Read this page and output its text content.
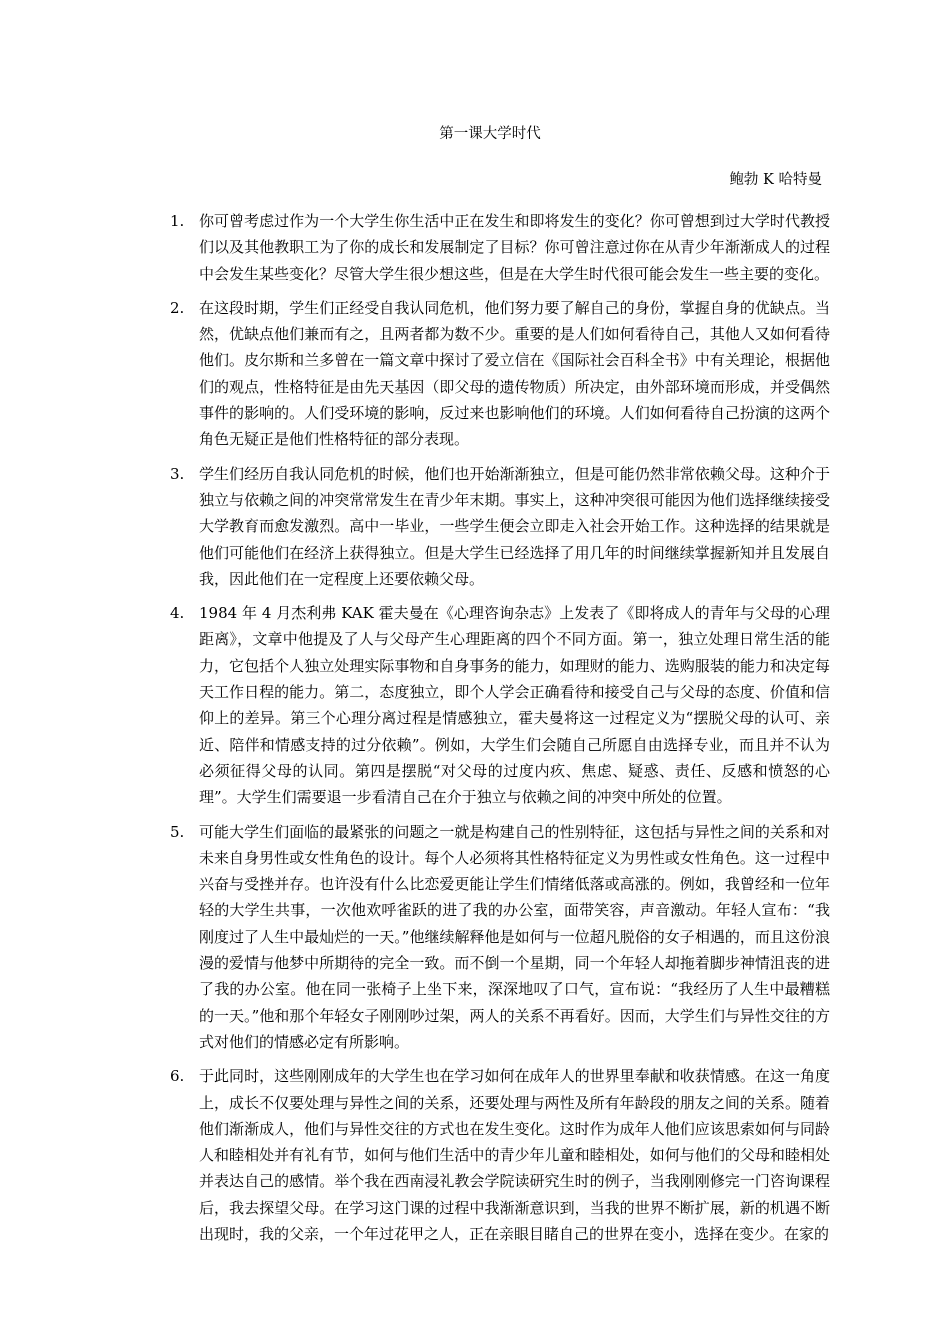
第一课大学时代
鲍勃 K 哈特曼
1. 你可曾考虑过作为一个大学生你生活中正在发生和即将发生的变化？你可曾想到过大学时代教授们以及其他教职工为了你的成长和发展制定了目标？你可曾注意过你在从青少年渐渐成人的过程中会发生某些变化？尽管大学生很少想这些，但是在大学生时代很可能会发生一些主要的变化。
2. 在这段时期，学生们正经受自我认同危机，他们努力要了解自己的身份，掌握自身的优缺点。当然，优缺点他们兼而有之，且两者都为数不少。重要的是人们如何看待自己，其他人又如何看待他们。皮尔斯和兰多曾在一篇文章中探讨了爱立信在《国际社会百科全书》中有关理论，根据他们的观点，性格特征是由先天基因（即父母的遗传物质）所决定，由外部环境而形成，并受偶然事件的影响的。人们受环境的影响，反过来也影响他们的环境。人们如何看待自己扮演的这两个角色无疑正是他们性格特征的部分表现。
3. 学生们经历自我认同危机的时候，他们也开始渐渐独立，但是可能仍然非常依赖父母。这种介于独立与依赖之间的冲突常常发生在青少年末期。事实上，这种冲突很可能因为他们选择继续接受大学教育而愈发激烈。高中一毕业，一些学生便会立即走入社会开始工作。这种选择的结果就是他们可能他们在经济上获得独立。但是大学生已经选择了用几年的时间继续掌握新知并且发展自我，因此他们在一定程度上还要依赖父母。
4. 1984 年 4 月杰利弗 KAK 霍夫曼在《心理咨询杂志》上发表了《即将成人的青年与父母的心理距离》，文章中他提及了人与父母产生心理距离的四个不同方面。第一，独立处理日常生活的能力，它包括个人独立处理实际事物和自身事务的能力，如理财的能力、选购服装的能力和决定每天工作日程的能力。第二，态度独立，即个人学会正确看待和接受自己与父母的态度、价值和信仰上的差异。第三个心理分离过程是情感独立，霍夫曼将这一过程定义为“摆脱父母的认可、亲近、陪伴和情感支持的过分依赖”。例如，大学生们会随自己所愿自由选择专业，而且并不认为必须征得父母的认同。第四是摆脱“对父母的过度内疚、焦虑、疑惑、责任、反感和愤怒的心理”。大学生们需要退一步看清自己在介于独立与依赖之间的冲突中所处的位置。
5. 可能大学生们面临的最紧张的问题之一就是构建自己的性别特征，这包括与异性之间的关系和对未来自身男性或女性角色的设计。每个人必须将其性格特征定义为男性或女性角色。这一过程中兴奋与受挫并存。也许没有什么比恋爱更能让学生们情绪低落或高涨的。例如，我曾经和一位年轻的大学生共事，一次他欢呼雀跃的进了我的办公室，面带笑容，声音激动。年轻人宣布：“我刚度过了人生中最灿烂的一天。”他继续解释他是如何与一位超凡脱俗的女子相遇的，而且这份浪漫的爱情与他梦中所期待的完全一致。而不倒一个星期，同一个年轻人却拖着脚步神情沮丧的进了我的办公室。他在同一张椅子上坐下来，深深地叹了口气，宣布说：“我经历了人生中最糟糕的一天。”他和那个年轻女子刚刚吵过架，两人的关系不再看好。因而，大学生们与异性交往的方式对他们的情感必定有所影响。
6. 于此同时，这些刚刚成年的大学生也在学习如何在成年人的世界里奉献和收获情感。在这一角度上，成长不仅要处理与异性之间的关系，还要处理与两性及所有年龄段的朋友之间的关系。随着他们渐渐成人，他们与异性交往的方式也在发生变化。这时作为成年人他们应该思索如何与同龄人和睦相处并有礼有节，如何与他们生活中的青少年儿童和睦相处，如何与他们的父母和睦相处并表达自己的感情。举个我在西南浸礼教会学院读研究生时的例子，当我刚刚修完一门咨询课程后，我去探望父母。在学习这门课的过程中我渐渐意识到，当我的世界不断扩展，新的机遇不断出现时，我的父亲，一个年过花甲之人，正在亲眼目睹自己的世界在变小，选择在变少。在家的
